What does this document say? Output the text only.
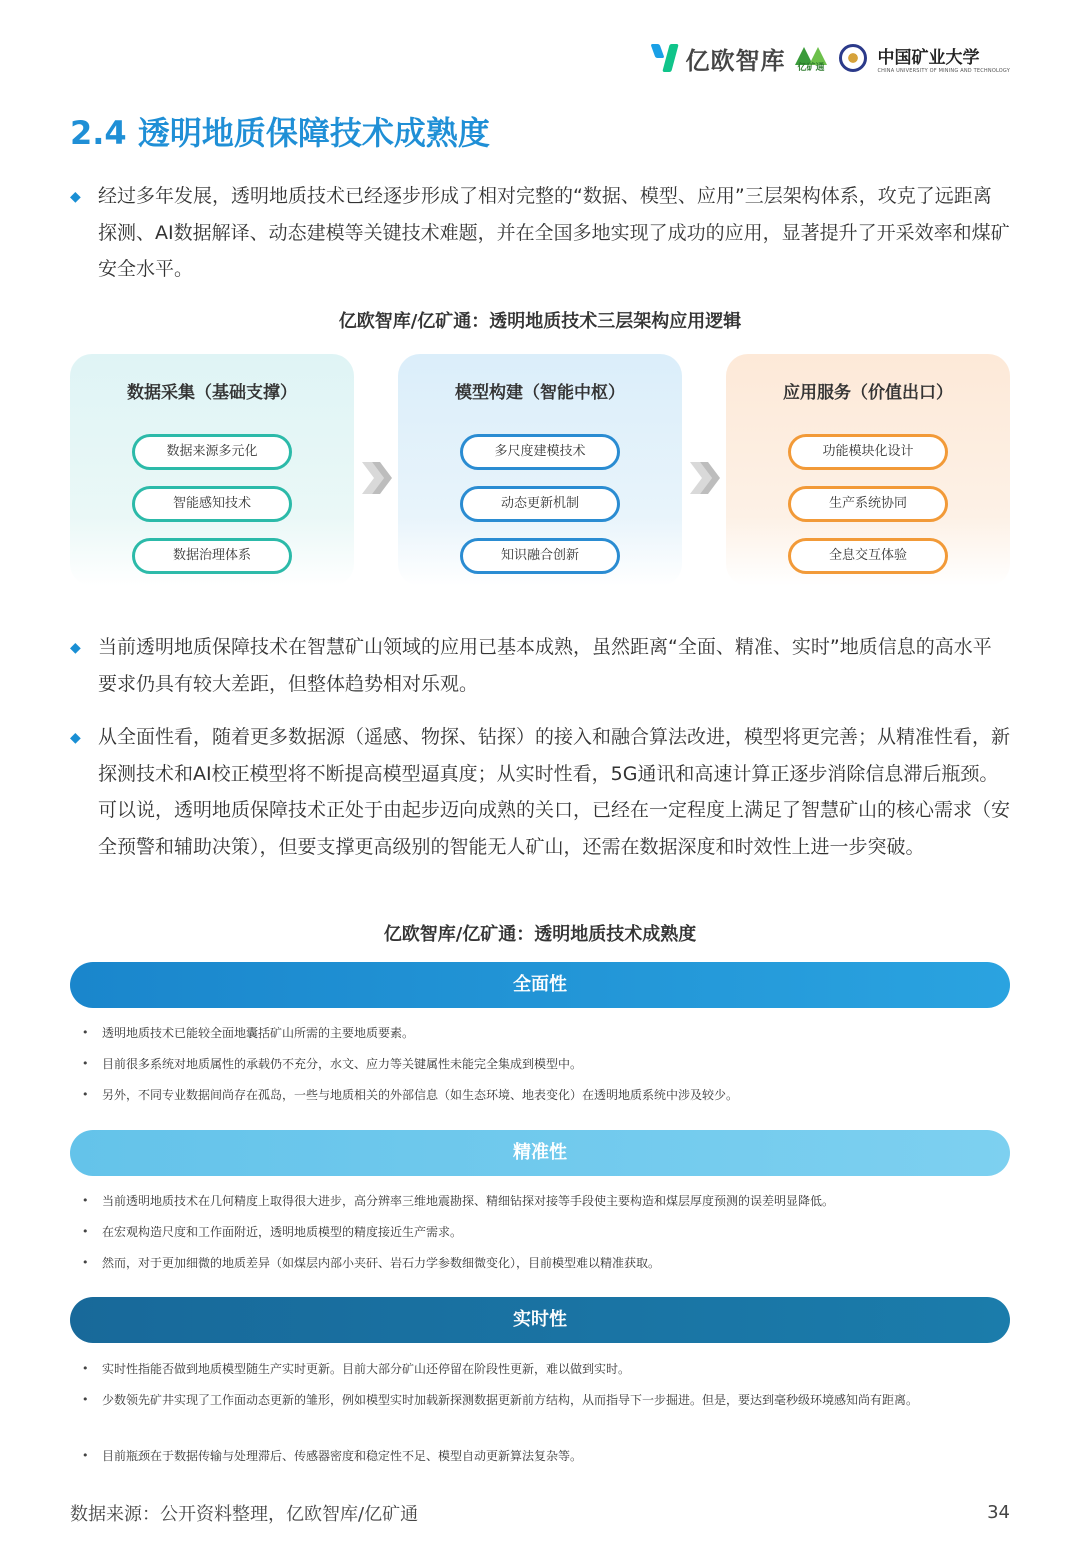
亿欧智库 亿矿通
中国矿业大学
CHINA UNIVERSITY OF MINING AND TECHNOLOGY
2.4 透明地质保障技术成熟度
◆ 经过多年发展，透明地质技术已经逐步形成了相对完整的“数据、模型、应用”三层架构体系，攻克了远距离探测、AI数据解译、动态建模等关键技术难题，并在全国多地实现了成功的应用，显著提升了开采效率和煤矿安全水平。
亿欧智库/亿矿通：透明地质技术三层架构应用逻辑
数据采集（基础支撑）
数据来源多元化
智能感知技术
数据治理体系
模型构建（智能中枢）
多尺度建模技术
动态更新机制
知识融合创新
应用服务（价值出口）
功能模块化设计
生产系统协同
全息交互体验
◆ 当前透明地质保障技术在智慧矿山领域的应用已基本成熟，虽然距离“全面、精准、实时”地质信息的高水平要求仍具有较大差距，但整体趋势相对乐观。
◆ 从全面性看，随着更多数据源（遥感、物探、钻探）的接入和融合算法改进，模型将更完善；从精准性看，新探测技术和AI校正模型将不断提高模型逼真度；从实时性看，5G通讯和高速计算正逐步消除信息滞后瓶颈。可以说，透明地质保障技术正处于由起步迈向成熟的关口，已经在一定程度上满足了智慧矿山的核心需求（安全预警和辅助决策），但要支撑更高级别的智能无人矿山，还需在数据深度和时效性上进一步突破。
亿欧智库/亿矿通：透明地质技术成熟度
全面性
•	透明地质技术已能较全面地囊括矿山所需的主要地质要素。
•	目前很多系统对地质属性的承载仍不充分，水文、应力等关键属性未能完全集成到模型中。
•	另外，不同专业数据间尚存在孤岛，一些与地质相关的外部信息（如生态环境、地表变化）在透明地质系统中涉及较少。
精准性
•	当前透明地质技术在几何精度上取得很大进步，高分辨率三维地震勘探、精细钻探对接等手段使主要构造和煤层厚度预测的误差明显降低。
•	在宏观构造尺度和工作面附近，透明地质模型的精度接近生产需求。
•	然而，对于更加细微的地质差异（如煤层内部小夹矸、岩石力学参数细微变化），目前模型难以精准获取。
实时性
•	实时性指能否做到地质模型随生产实时更新。目前大部分矿山还停留在阶段性更新，难以做到实时。
•	少数领先矿井实现了工作面动态更新的雏形，例如模型实时加载新探测数据更新前方结构，从而指导下一步掘进。但是，要达到毫秒级环境感知尚有距离。
•	目前瓶颈在于数据传输与处理滞后、传感器密度和稳定性不足、模型自动更新算法复杂等。
数据来源：公开资料整理，亿欧智库/亿矿通	34
